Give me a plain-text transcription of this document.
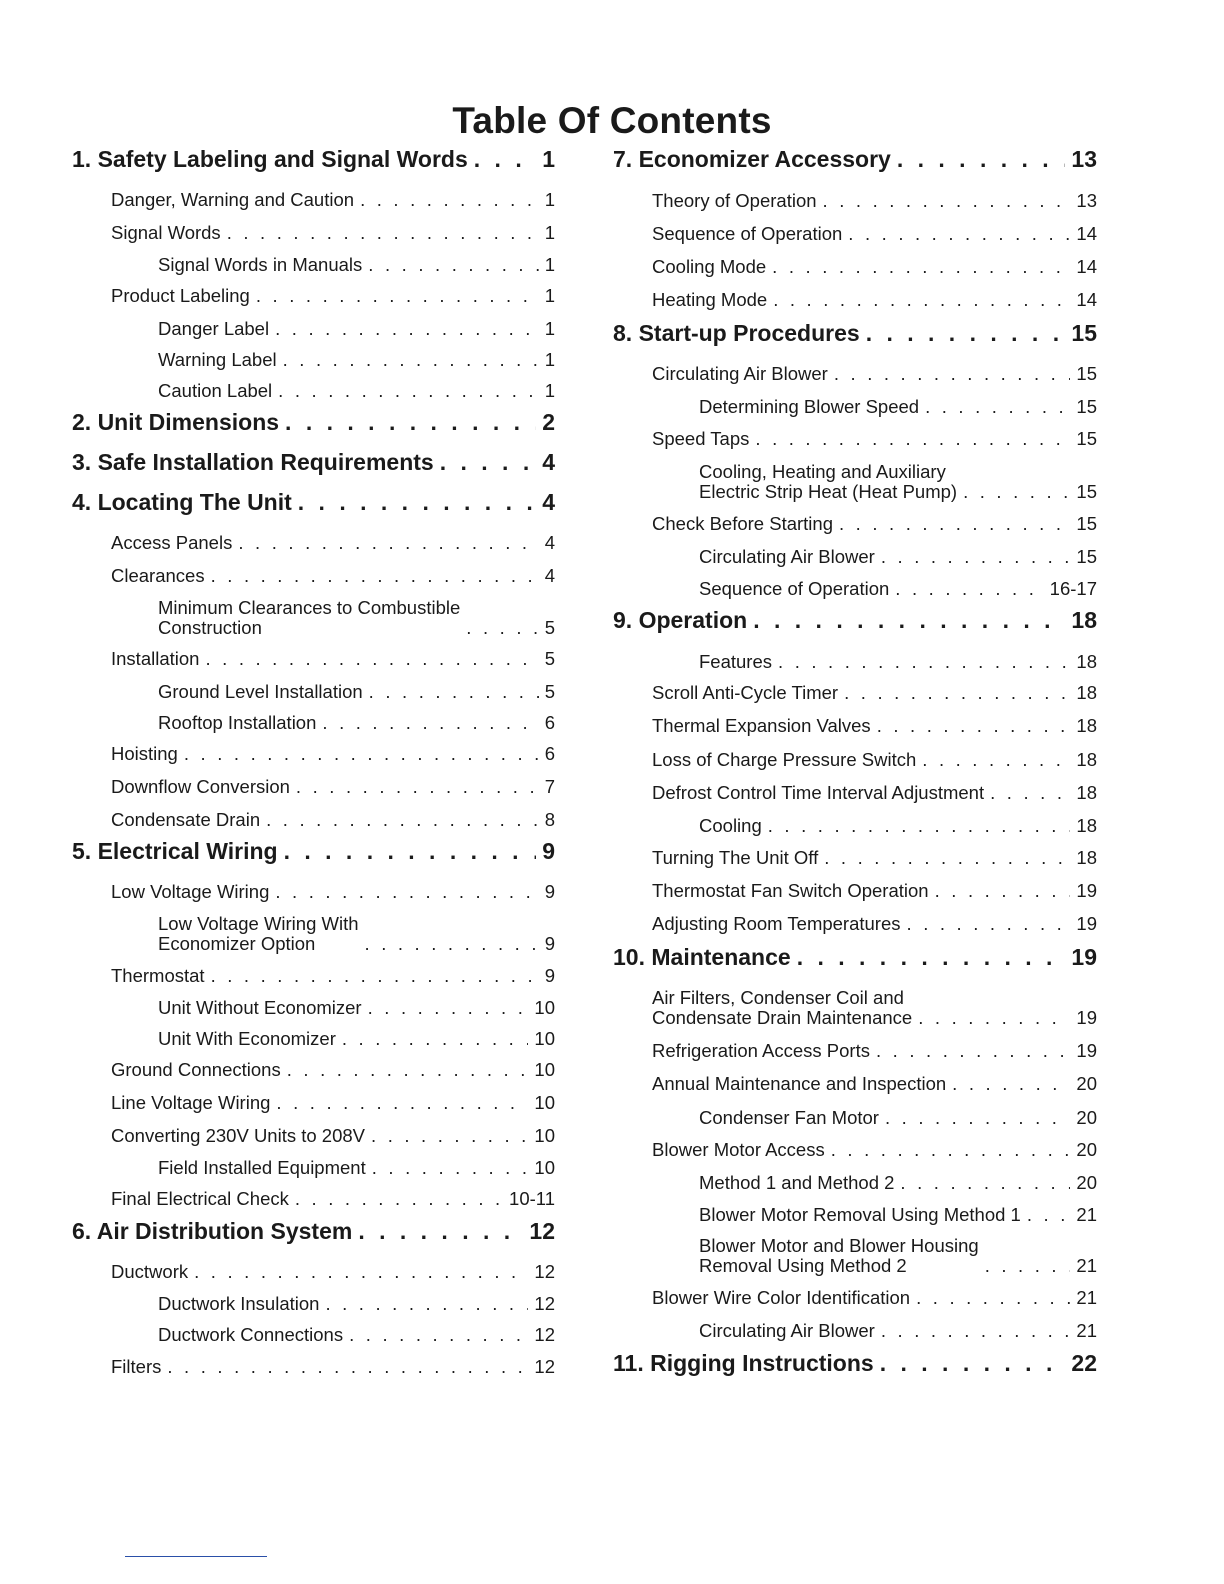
Table Of Contents
1. Safety Labeling and Signal Words . . .	1
Danger, Warning and Caution . . .	1
Signal Words . . .	1
Signal Words in Manuals . . .	1
Product Labeling . . .	1
Danger Label . . .	1
Warning Label . . .	1
Caution Label . . .	1
2. Unit Dimensions . . .	2
3. Safe Installation Requirements . . .	4
4. Locating The Unit . . .	4
Access Panels . . .	4
Clearances . . .	4
Minimum Clearances to Combustible
Construction . . .	5
Installation . . .	5
Ground Level Installation . . .	5
Rooftop Installation . . .	6
Hoisting . . .	6
Downflow Conversion . . .	7
Condensate Drain . . .	8
5. Electrical Wiring . . .	9
Low Voltage Wiring . . .	9
Low Voltage Wiring With
Economizer Option . . .	9
Thermostat . . .	9
Unit Without Economizer . . .	10
Unit With Economizer . . .	10
Ground Connections . . .	10
Line Voltage Wiring . . .	10
Converting 230V Units to 208V . . .	10
Field Installed Equipment . . .	10
Final Electrical Check . . .	10-11
6. Air Distribution System . . .	12
Ductwork . . .	12
Ductwork Insulation . . .	12
Ductwork Connections . . .	12
Filters . . .	12
7. Economizer Accessory . . .	13
Theory of Operation . . .	13
Sequence of Operation . . .	14
Cooling Mode . . .	14
Heating Mode . . .	14
8. Start-up Procedures . . .	15
Circulating Air Blower . . .	15
Determining Blower Speed . . .	15
Speed Taps . . .	15
Cooling, Heating and Auxiliary
Electric Strip Heat (Heat Pump) . . .	15
Check Before Starting . . .	15
Circulating Air Blower . . .	15
Sequence of Operation . . .	16-17
9. Operation . . .	18
Features . . .	18
Scroll Anti-Cycle Timer . . .	18
Thermal Expansion Valves . . .	18
Loss of Charge Pressure Switch . . .	18
Defrost Control Time Interval Adjustment . . .	18
Cooling . . .	18
Turning The Unit Off . . .	18
Thermostat Fan Switch Operation . . .	19
Adjusting Room Temperatures . . .	19
10. Maintenance . . .	19
Air Filters, Condenser Coil and
Condensate Drain Maintenance . . .	19
Refrigeration Access Ports . . .	19
Annual Maintenance and Inspection . . .	20
Condenser Fan Motor . . .	20
Blower Motor Access . . .	20
Method 1 and Method 2 . . .	20
Blower Motor Removal Using Method 1 . . .	21
Blower Motor and Blower Housing
Removal Using Method 2 . . .	21
Blower Wire Color Identification . . .	21
Circulating Air Blower . . .	21
11. Rigging Instructions . . .	22
